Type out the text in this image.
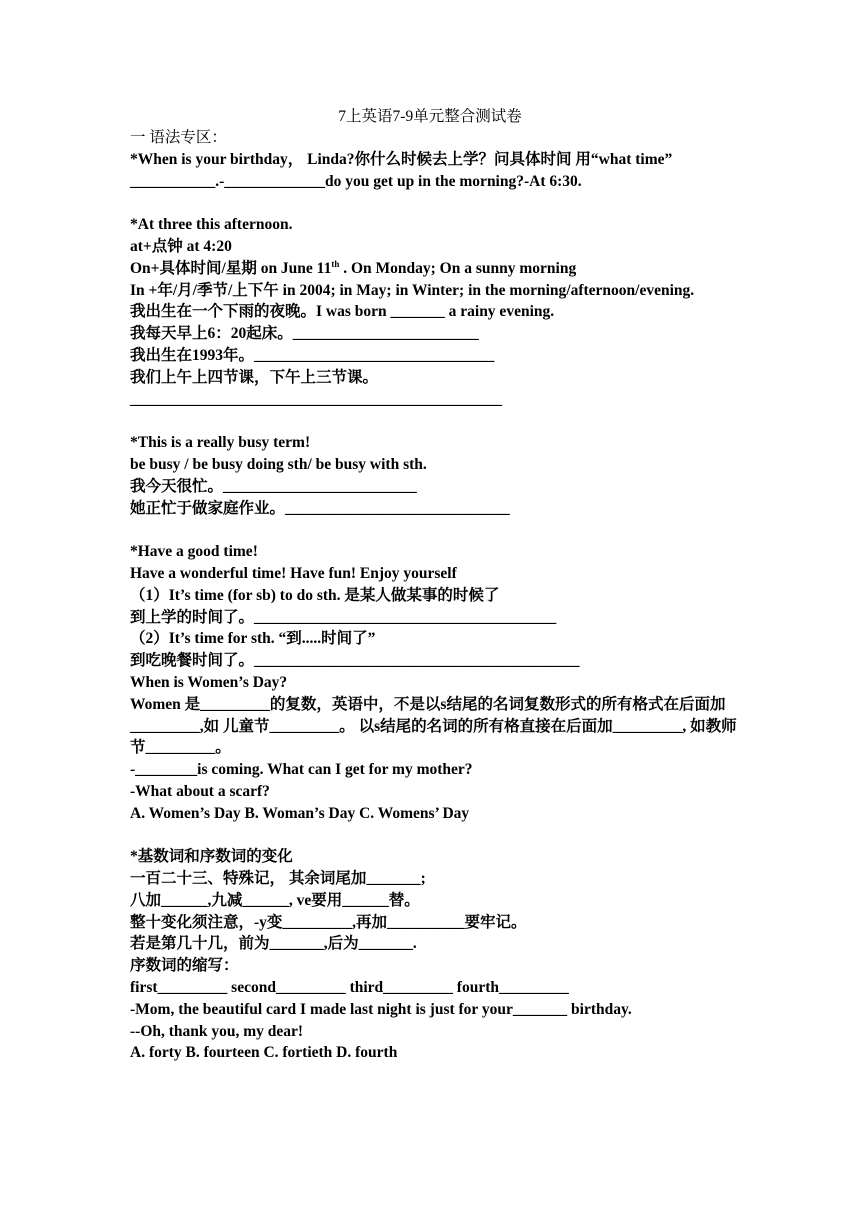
7上英语7-9单元整合测试卷
一 语法专区：
*When is your birthday， Linda?你什么时候去上学？问具体时间 用“what time”
___________.-_____________do you get up in the morning?-At 6:30.

*At three this afternoon.
at+点钟 at 4:20
On+具体时间/星期 on June 11th . On Monday; On a sunny morning
In +年/月/季节/上下午 in 2004; in May; in Winter; in the morning/afternoon/evening.
我出生在一个下雨的夜晚。I was born _______ a rainy evening.
我每天早上6：20起床。________________________
我出生在1993年。_______________________________
我们上午上四节课，下午上三节课。
________________________________________________

*This is a really busy term!
be busy / be busy doing sth/ be busy with sth.
我今天很忙。_________________________
她正忙于做家庭作业。_____________________________

*Have a good time!
Have a wonderful time! Have fun! Enjoy yourself
（1）It’s time (for sb) to do sth. 是某人做某事的时候了
到上学的时间了。_______________________________________
（2）It’s time for sth. “到.....时间了”
到吃晚餐时间了。__________________________________________
When is Women’s Day?
Women 是_________的复数，英语中，不是以s结尾的名词复数形式的所有格式在后面加_________,如 儿童节_________。 以s结尾的名词的所有格直接在后面加_________, 如教师节_________。
-________is coming. What can I get for my mother?
-What about a scarf?
A. Women’s Day B. Woman’s Day C. Womens’ Day

*基数词和序数词的变化
一百二十三、特殊记， 其余词尾加_______;
八加______,九减______, ve要用______替。
整十变化须注意，-y变_________,再加__________要牢记。
若是第几十几，前为_______,后为_______.
序数词的缩写：
first_________ second_________ third_________ fourth_________
-Mom, the beautiful card I made last night is just for your_______ birthday.
--Oh, thank you, my dear!
A. forty B. fourteen C. fortieth D. fourth
